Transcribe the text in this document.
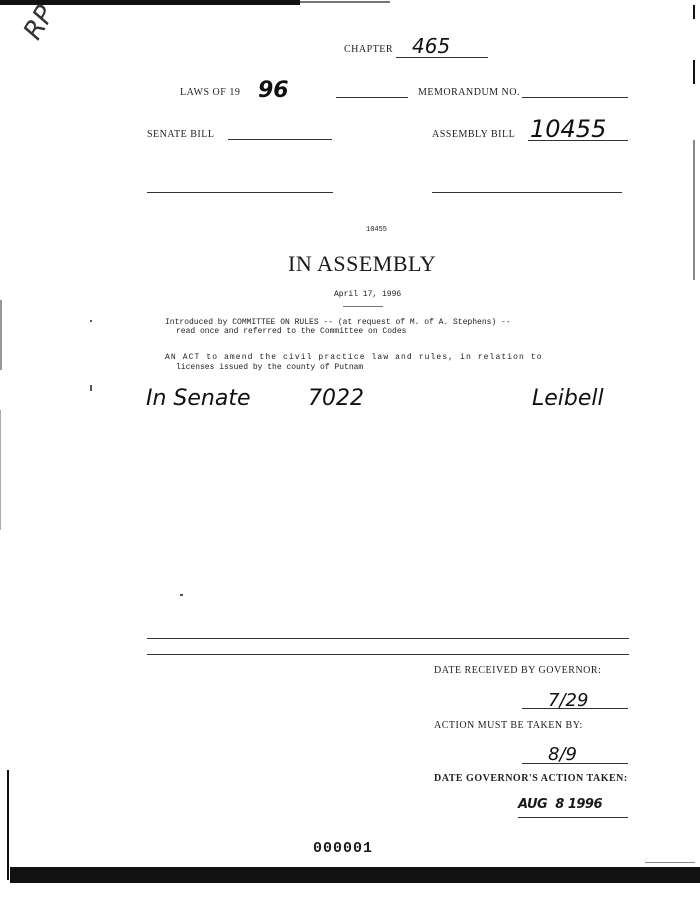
RP
CHAPTER 465
LAWS OF 19 96	MEMORANDUM NO.
SENATE BILL	ASSEMBLY BILL 10455
10455
IN ASSEMBLY
April 17, 1996
Introduced by COMMITTEE ON RULES -- (at request of M. of A. Stephens) --
read once and referred to the Committee on Codes
AN ACT to amend the civil practice law and rules, in relation to
licenses issued by the county of Putnam
In Senate	7022	Leibell
DATE RECEIVED BY GOVERNOR:
7/29
ACTION MUST BE TAKEN BY:
8/9
DATE GOVERNOR'S ACTION TAKEN:
AUG  8 1996
000001
